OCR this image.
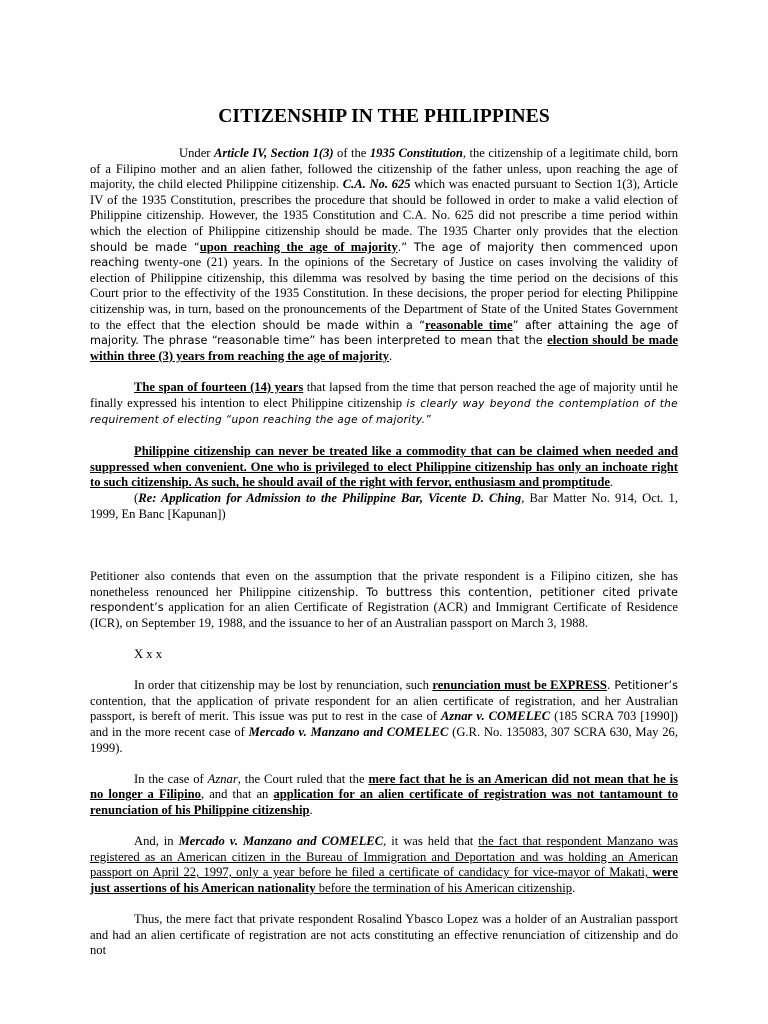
CITIZENSHIP IN THE PHILIPPINES

Under Article IV, Section 1(3) of the 1935 Constitution, the citizenship of a legitimate child, born of a Filipino mother and an alien father, followed the citizenship of the father unless, upon reaching the age of majority, the child elected Philippine citizenship. C.A. No. 625 which was enacted pursuant to Section 1(3), Article IV of the 1935 Constitution, prescribes the procedure that should be followed in order to make a valid election of Philippine citizenship. However, the 1935 Constitution and C.A. No. 625 did not prescribe a time period within which the election of Philippine citizenship should be made. The 1935 Charter only provides that the election should be made “upon reaching the age of majority.” The age of majority then commenced upon reaching twenty-one (21) years. In the opinions of the Secretary of Justice on cases involving the validity of election of Philippine citizenship, this dilemma was resolved by basing the time period on the decisions of this Court prior to the effectivity of the 1935 Constitution. In these decisions, the proper period for electing Philippine citizenship was, in turn, based on the pronouncements of the Department of State of the United States Government to the effect that the election should be made within a “reasonable time” after attaining the age of majority. The phrase “reasonable time” has been interpreted to mean that the election should be made within three (3) years from reaching the age of majority.

The span of fourteen (14) years that lapsed from the time that person reached the age of majority until he finally expressed his intention to elect Philippine citizenship is clearly way beyond the contemplation of the requirement of electing “upon reaching the age of majority.”

Philippine citizenship can never be treated like a commodity that can be claimed when needed and suppressed when convenient. One who is privileged to elect Philippine citizenship has only an inchoate right to such citizenship. As such, he should avail of the right with fervor, enthusiasm and promptitude.

(Re: Application for Admission to the Philippine Bar, Vicente D. Ching, Bar Matter No. 914, Oct. 1, 1999, En Banc [Kapunan])

Petitioner also contends that even on the assumption that the private respondent is a Filipino citizen, she has nonetheless renounced her Philippine citizenship. To buttress this contention, petitioner cited private respondent’s application for an alien Certificate of Registration (ACR) and Immigrant Certificate of Residence (ICR), on September 19, 1988, and the issuance to her of an Australian passport on March 3, 1988.

X x x

In order that citizenship may be lost by renunciation, such renunciation must be EXPRESS. Petitioner’s contention, that the application of private respondent for an alien certificate of registration, and her Australian passport, is bereft of merit. This issue was put to rest in the case of Aznar v. COMELEC (185 SCRA 703 [1990]) and in the more recent case of Mercado v. Manzano and COMELEC (G.R. No. 135083, 307 SCRA 630, May 26, 1999).

In the case of Aznar, the Court ruled that the mere fact that he is an American did not mean that he is no longer a Filipino, and that an application for an alien certificate of registration was not tantamount to renunciation of his Philippine citizenship.

And, in Mercado v. Manzano and COMELEC, it was held that the fact that respondent Manzano was registered as an American citizen in the Bureau of Immigration and Deportation and was holding an American passport on April 22, 1997, only a year before he filed a certificate of candidacy for vice-mayor of Makati, were just assertions of his American nationality before the termination of his American citizenship.

Thus, the mere fact that private respondent Rosalind Ybasco Lopez was a holder of an Australian passport and had an alien certificate of registration are not acts constituting an effective renunciation of citizenship and do not
